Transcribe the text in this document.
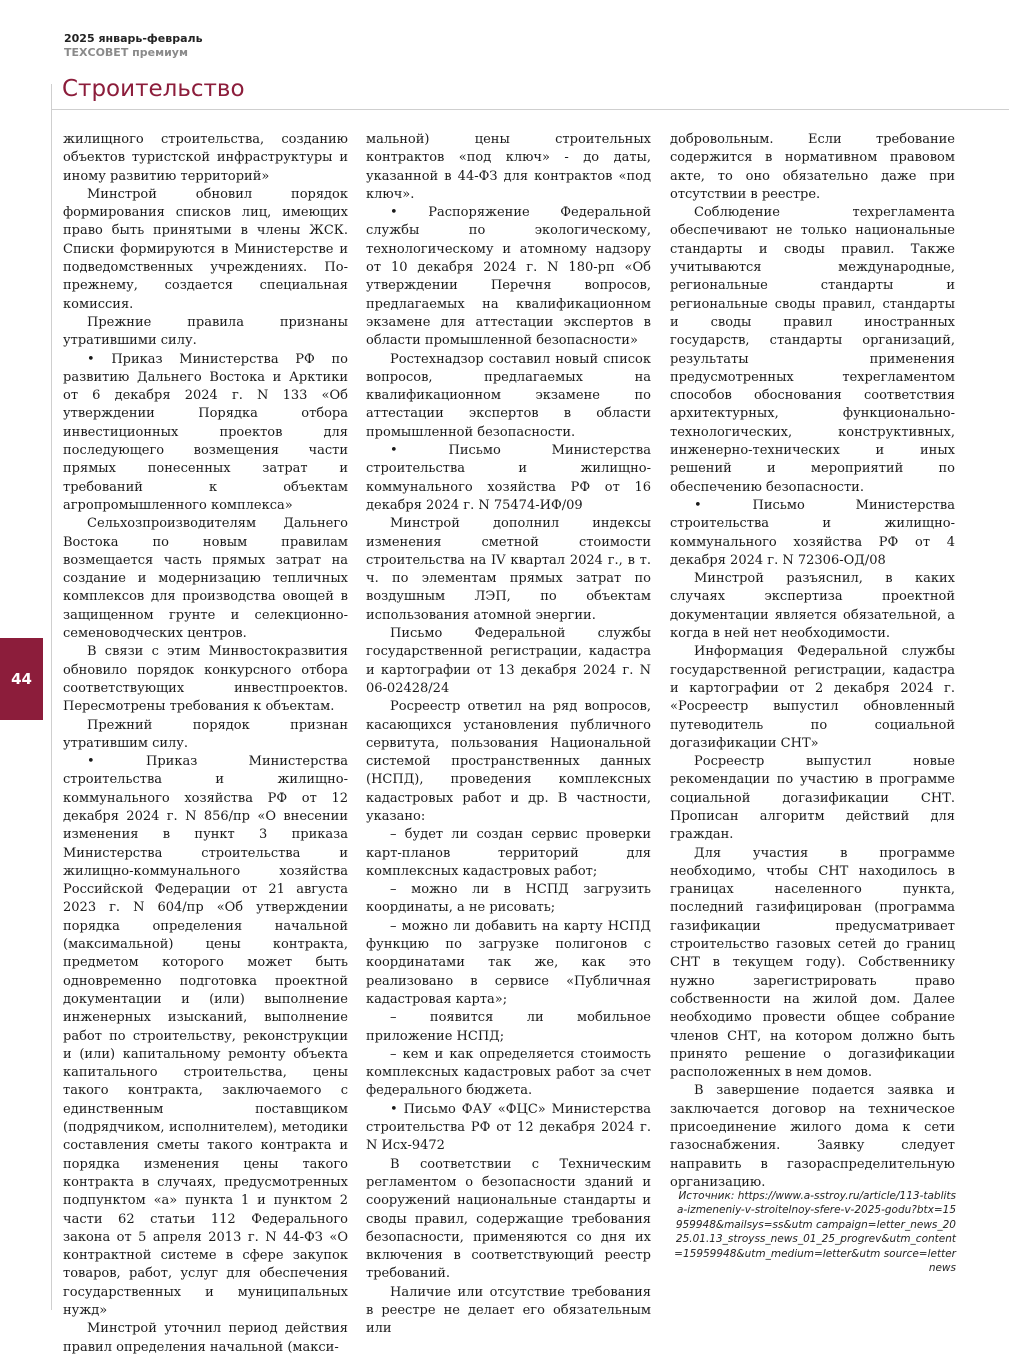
2025 январь-февраль
ТЕХСОВЕТ премиум
Строительство
44

жилищного строительства, созданию объектов туристской инфраструктуры и иному развитию территорий»

Минстрой обновил порядок формирования списков лиц, имеющих право быть принятыми в члены ЖСК. Списки формируются в Министерстве и подведомственных учреждениях. По-прежнему, создается специальная комиссия.

Прежние правила признаны утратившими силу.

• Приказ Министерства РФ по развитию Дальнего Востока и Арктики от 6 декабря 2024 г. N 133 «Об утверждении Порядка отбора инвестиционных проектов для последующего возмещения части прямых понесенных затрат и требований к объектам агропромышленного комплекса»

Сельхозпроизводителям Дальнего Востока по новым правилам возмещается часть прямых затрат на создание и модернизацию тепличных комплексов для производства овощей в защищенном грунте и селекционно-семеноводческих центров.

В связи с этим Минвостокразвития обновило порядок конкурсного отбора соответствующих инвестпроектов. Пересмотрены требования к объектам.

Прежний порядок признан утратившим силу.

• Приказ Министерства строительства и жилищно-коммунального хозяйства РФ от 12 декабря 2024 г. N 856/пр «О внесении изменения в пункт 3 приказа Министерства строительства и жилищно-коммунального хозяйства Российской Федерации от 21 августа 2023 г. N 604/пр «Об утверждении порядка определения начальной (максимальной) цены контракта, предметом которого может быть одновременно подготовка проектной документации и (или) выполнение инженерных изысканий, выполнение работ по строительству, реконструкции и (или) капитальному ремонту объекта капитального строительства, цены такого контракта, заключаемого с единственным поставщиком (подрядчиком, исполнителем), методики составления сметы такого контракта и порядка изменения цены такого контракта в случаях, предусмотренных подпунктом «а» пункта 1 и пунктом 2 части 62 статьи 112 Федерального закона от 5 апреля 2013 г. N 44-ФЗ «О контрактной системе в сфере закупок товаров, работ, услуг для обеспечения государственных и муниципальных нужд»

Минстрой уточнил период действия правил определения начальной (макси-

мальной) цены строительных контрактов «под ключ» - до даты, указанной в 44-ФЗ для контрактов «под ключ».

• Распоряжение Федеральной службы по экологическому, технологическому и атомному надзору от 10 декабря 2024 г. N 180-рп «Об утверждении Перечня вопросов, предлагаемых на квалификационном экзамене для аттестации экспертов в области промышленной безопасности»

Ростехнадзор составил новый список вопросов, предлагаемых на квалификационном экзамене по аттестации экспертов в области промышленной безопасности.

• Письмо Министерства строительства и жилищно-коммунального хозяйства РФ от 16 декабря 2024 г. N 75474-ИФ/09

Минстрой дополнил индексы изменения сметной стоимости строительства на IV квартал 2024 г., в т. ч. по элементам прямых затрат по воздушным ЛЭП, по объектам использования атомной энергии.

Письмо Федеральной службы государственной регистрации, кадастра и картографии от 13 декабря 2024 г. N 06-02428/24

Росреестр ответил на ряд вопросов, касающихся установления публичного сервитута, пользования Национальной системой пространственных данных (НСПД), проведения комплексных кадастровых работ и др. В частности, указано:

– будет ли создан сервис проверки карт-планов территорий для комплексных кадастровых работ;

– можно ли в НСПД загрузить координаты, а не рисовать;

– можно ли добавить на карту НСПД функцию по загрузке полигонов с координатами так же, как это реализовано в сервисе «Публичная кадастровая карта»;

– появится ли мобильное приложение НСПД;

– кем и как определяется стоимость комплексных кадастровых работ за счет федерального бюджета.

• Письмо ФАУ «ФЦС» Министерства строительства РФ от 12 декабря 2024 г. N Исх-9472

В соответствии с Техническим регламентом о безопасности зданий и сооружений национальные стандарты и своды правил, содержащие требования безопасности, применяются со дня их включения в соответствующий реестр требований.

Наличие или отсутствие требования в реестре не делает его обязательным или

добровольным. Если требование содержится в нормативном правовом акте, то оно обязательно даже при отсутствии в реестре.

Соблюдение техрегламента обеспечивают не только национальные стандарты и своды правил. Также учитываются международные, региональные стандарты и региональные своды правил, стандарты и своды правил иностранных государств, стандарты организаций, результаты применения предусмотренных техрегламентом способов обоснования соответствия архитектурных, функционально-технологических, конструктивных, инженерно-технических и иных решений и мероприятий по обеспечению безопасности.

• Письмо Министерства строительства и жилищно-коммунального хозяйства РФ от 4 декабря 2024 г. N 72306-ОД/08

Минстрой разъяснил, в каких случаях экспертиза проектной документации является обязательной, а когда в ней нет необходимости.

Информация Федеральной службы государственной регистрации, кадастра и картографии от 2 декабря 2024 г. «Росреестр выпустил обновленный путеводитель по социальной догазификации СНТ»

Росреестр выпустил новые рекомендации по участию в программе социальной догазификации СНТ. Прописан алгоритм действий для граждан.

Для участия в программе необходимо, чтобы СНТ находилось в границах населенного пункта, последний газифицирован (программа газификации предусматривает строительство газовых сетей до границ СНТ в текущем году). Собственнику нужно зарегистрировать право собственности на жилой дом. Далее необходимо провести общее собрание членов СНТ, на котором должно быть принято решение о догазификации расположенных в нем домов.

В завершение подается заявка и заключается договор на техническое присоединение жилого дома к сети газоснабжения. Заявку следует направить в газораспределительную организацию.

Источник: https://www.a-sstroy.ru/article/113-tablitsa-izmeneniy-v-stroitelnoy-sfere-v-2025-godu?btx=15959948&mailsys=ss&utm campaign=letter_news_2025.01.13_stroyss_news_01_25_progrev&utm_content=15959948&utm_medium=letter&utm source=letter news
